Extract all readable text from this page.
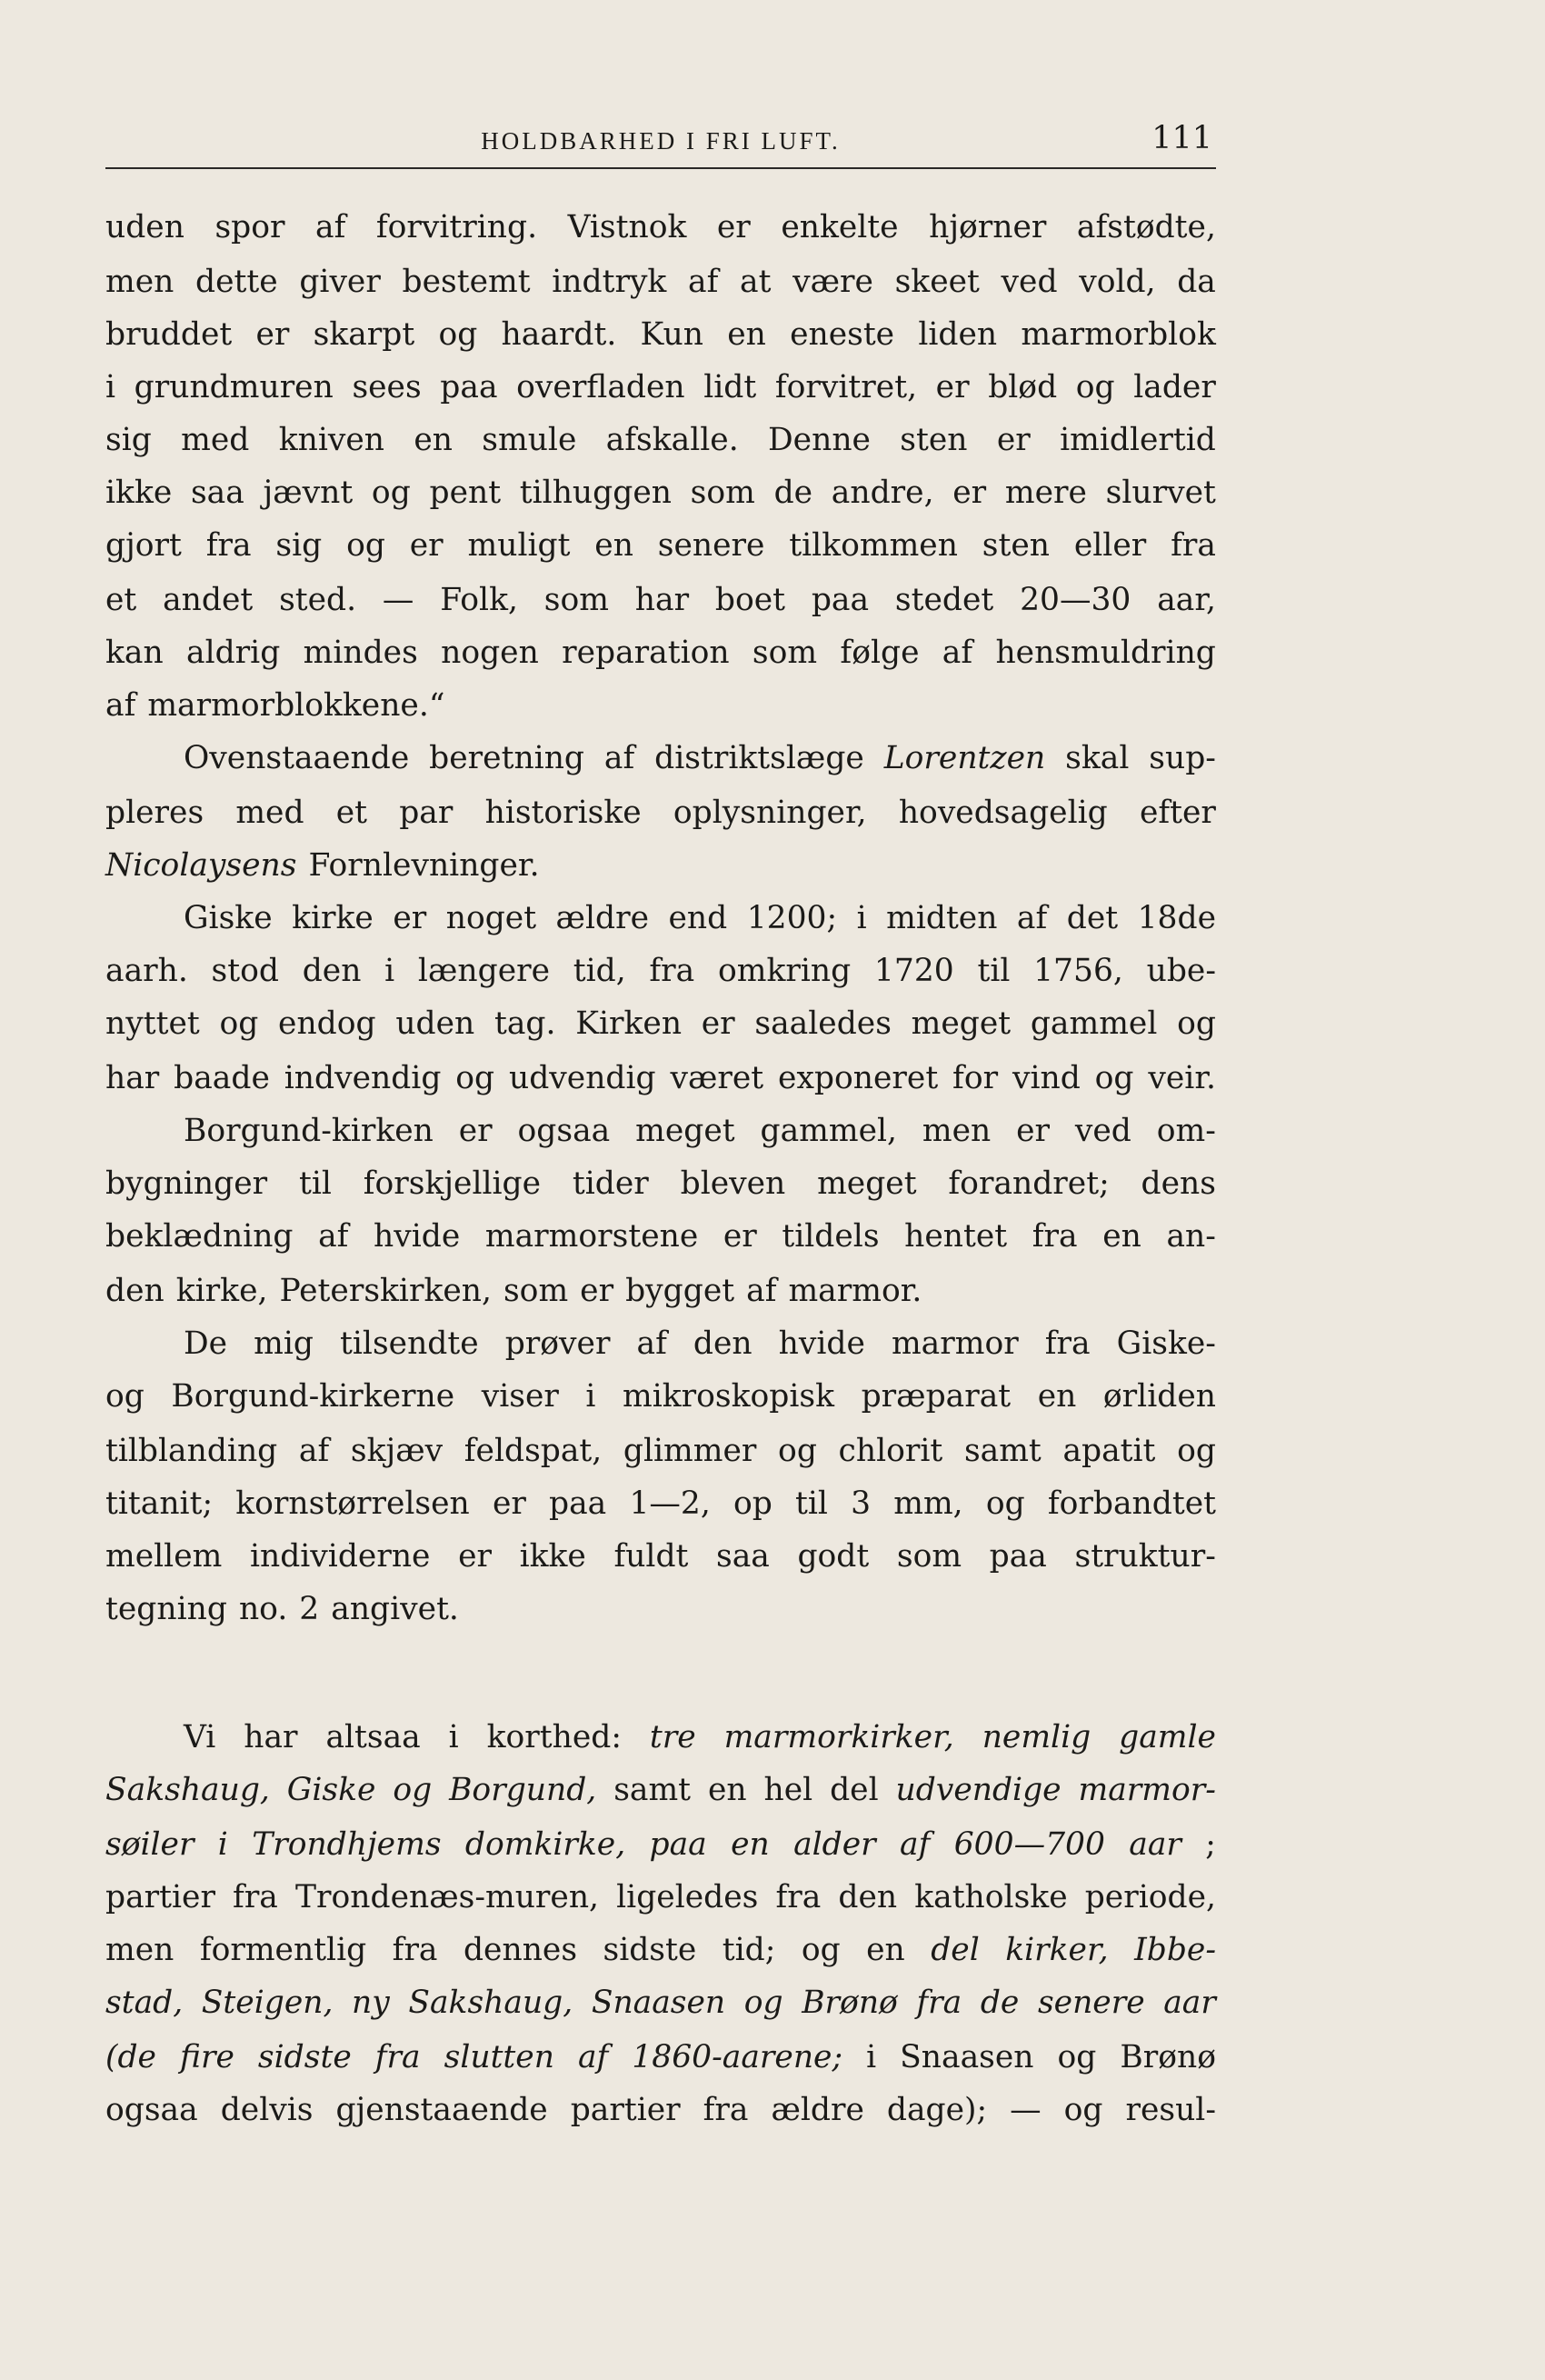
HOLDBARHED I FRI LUFT.	111
uden spor af forvitring. Vistnok er enkelte hjørner afstødte,
men dette giver bestemt indtryk af at være skeet ved vold, da
bruddet er skarpt og haardt. Kun en eneste liden marmorblok
i grundmuren sees paa overfladen lidt forvitret, er blød og lader
sig med kniven en smule afskalle. Denne sten er imidlertid
ikke saa jævnt og pent tilhuggen som de andre, er mere slurvet
gjort fra sig og er muligt en senere tilkommen sten eller fra
et andet sted. — Folk, som har boet paa stedet 20—30 aar,
kan aldrig mindes nogen reparation som følge af hensmuldring
af marmorblokkene.“
Ovenstaaende beretning af distriktslæge Lorentzen skal sup-
pleres med et par historiske oplysninger, hovedsagelig efter
Nicolaysens Fornlevninger.
Giske kirke er noget ældre end 1200; i midten af det 18de
aarh. stod den i længere tid, fra omkring 1720 til 1756, ube-
nyttet og endog uden tag. Kirken er saaledes meget gammel og
har baade indvendig og udvendig været exponeret for vind og veir.
Borgund-kirken er ogsaa meget gammel, men er ved om-
bygninger til forskjellige tider bleven meget forandret; dens
beklædning af hvide marmorstene er tildels hentet fra en an-
den kirke, Peterskirken, som er bygget af marmor.
De mig tilsendte prøver af den hvide marmor fra Giske-
og Borgund-kirkerne viser i mikroskopisk præparat en ørliden
tilblanding af skjæv feldspat, glimmer og chlorit samt apatit og
titanit; kornstørrelsen er paa 1—2, op til 3 mm, og forbandtet
mellem individerne er ikke fuldt saa godt som paa struktur-
tegning no. 2 angivet.
Vi har altsaa i korthed: tre marmorkirker, nemlig gamle
Sakshaug, Giske og Borgund, samt en hel del udvendige marmor-
søiler i Trondhjems domkirke, paa en alder af 600—700 aar ;
partier fra Trondenæs-muren, ligeledes fra den katholske periode,
men formentlig fra dennes sidste tid; og en del kirker, Ibbe-
stad, Steigen, ny Sakshaug, Snaasen og Brønø fra de senere aar
(de fire sidste fra slutten af 1860-aarene; i Snaasen og Brønø
ogsaa delvis gjenstaaende partier fra ældre dage); — og resul-
